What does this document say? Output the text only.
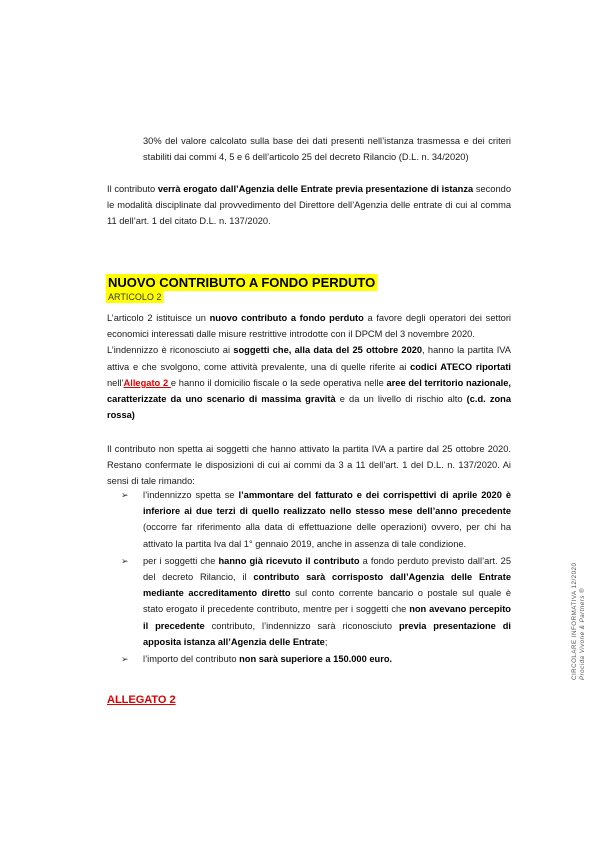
30% del valore calcolato sulla base dei dati presenti nell’istanza trasmessa e dei criteri stabiliti dai commi 4, 5 e 6 dell’articolo 25 del decreto Rilancio (D.L. n. 34/2020)
Il contributo verrà erogato dall’Agenzia delle Entrate previa presentazione di istanza secondo le modalità disciplinate dal provvedimento del Direttore dell’Agenzia delle entrate di cui al comma 11 dell’art. 1 del citato D.L. n. 137/2020.
NUOVO CONTRIBUTO A FONDO PERDUTO
ARTICOLO 2
L’articolo 2 istituisce un nuovo contributo a fondo perduto a favore degli operatori dei settori economici interessati dalle misure restrittive introdotte con il DPCM del 3 novembre 2020.
L’indennizzo è riconosciuto ai soggetti che, alla data del 25 ottobre 2020, hanno la partita IVA attiva e che svolgono, come attività prevalente, una di quelle riferite ai codici ATECO riportati nell’Allegato 2 e hanno il domicilio fiscale o la sede operativa nelle aree del territorio nazionale, caratterizzate da uno scenario di massima gravità e da un livello di rischio alto (c.d. zona rossa)
Il contributo non spetta ai soggetti che hanno attivato la partita IVA a partire dal 25 ottobre 2020. Restano confermate le disposizioni di cui ai commi da 3 a 11 dell’art. 1 del D.L. n. 137/2020. Ai sensi di tale rimando:
➢ l’indennizzo spetta se l’ammontare del fatturato e dei corrispettivi di aprile 2020 è inferiore ai due terzi di quello realizzato nello stesso mese dell’anno precedente (occorre far riferimento alla data di effettuazione delle operazioni) ovvero, per chi ha attivato la partita Iva dal 1° gennaio 2019, anche in assenza di tale condizione.
➢ per i soggetti che hanno già ricevuto il contributo a fondo perduto previsto dall’art. 25 del decreto Rilancio, il contributo sarà corrisposto dall’Agenzia delle Entrate mediante accreditamento diretto sul conto corrente bancario o postale sul quale è stato erogato il precedente contributo, mentre per i soggetti che non avevano percepito il precedente contributo, l’indennizzo sarà riconosciuto previa presentazione di apposita istanza all’Agenzia delle Entrate;
➢ l’importo del contributo non sarà superiore a 150.000 euro.
ALLEGATO 2
CIRCOLARE INFORMATIVA 12/2020 Procida Vivone & Partners ®
